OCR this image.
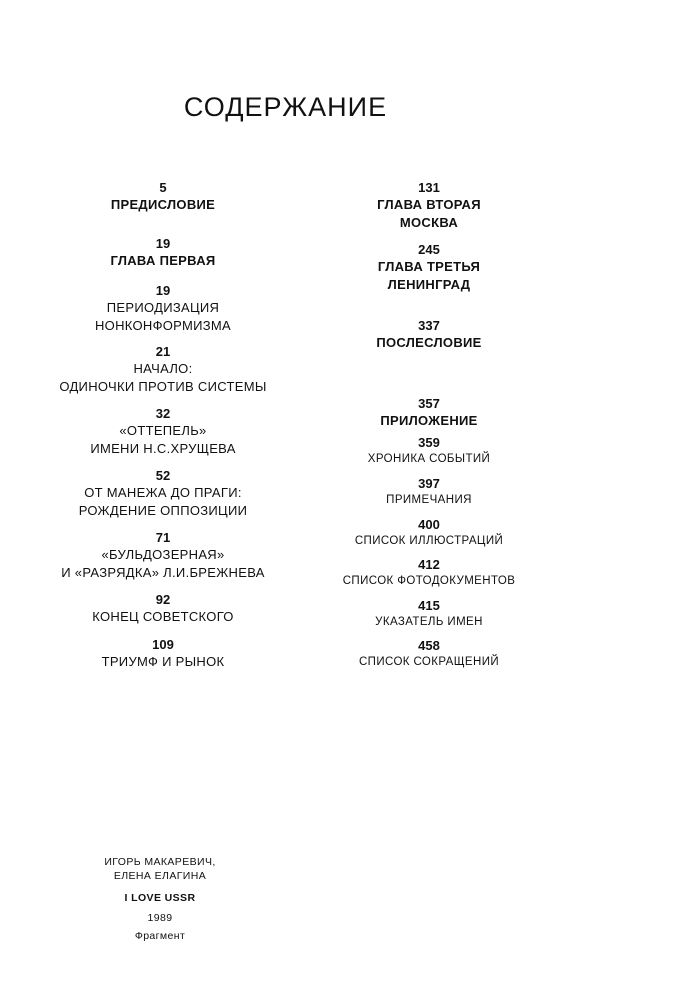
СОДЕРЖАНИЕ
5
ПРЕДИСЛОВИЕ
19
ГЛАВА ПЕРВАЯ
19
ПЕРИОДИЗАЦИЯ
НОНКОНФОРМИЗМА
21
НАЧАЛО:
ОДИНОЧКИ ПРОТИВ СИСТЕМЫ
32
«ОТТЕПЕЛЬ»
ИМЕНИ Н.С.ХРУЩЕВА
52
ОТ МАНЕЖА ДО ПРАГИ:
РОЖДЕНИЕ ОППОЗИЦИИ
71
«БУЛЬДОЗЕРНАЯ»
И «РАЗРЯДКА» Л.И.БРЕЖНЕВА
92
КОНЕЦ СОВЕТСКОГО
109
ТРИУМФ И РЫНОК
131
ГЛАВА ВТОРАЯ
МОСКВА
245
ГЛАВА ТРЕТЬЯ
ЛЕНИНГРАД
337
ПОСЛЕСЛОВИЕ
357
ПРИЛОЖЕНИЕ
359
ХРОНИКА СОБЫТИЙ
397
ПРИМЕЧАНИЯ
400
СПИСОК ИЛЛЮСТРАЦИЙ
412
СПИСОК ФОТОДОКУМЕНТОВ
415
УКАЗАТЕЛЬ ИМЕН
458
СПИСОК СОКРАЩЕНИЙ
ИГОРЬ МАКАРЕВИЧ,
ЕЛЕНА ЕЛАГИНА
I LOVE USSR
1989
Фрагмент
